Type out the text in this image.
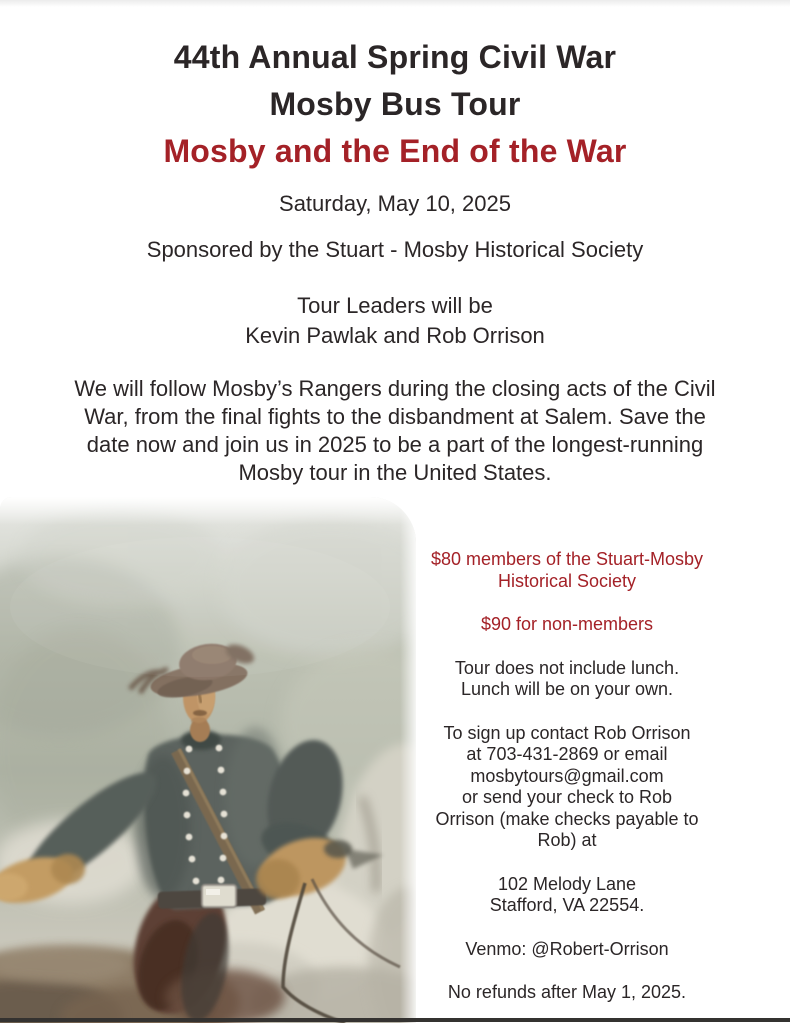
44th Annual Spring Civil War
Mosby Bus Tour
Mosby and the End of the War

Saturday, May 10, 2025

Sponsored by the Stuart - Mosby Historical Society

Tour Leaders will be
Kevin Pawlak and Rob Orrison
We will follow Mosby’s Rangers during the closing acts of the Civil
War, from the final fights to the disbandment at Salem. Save the
date now and join us in 2025 to be a part of the longest-running
Mosby tour in the United States.

$80 members of the Stuart-Mosby
Historical Society

$90 for non-members

Tour does not include lunch.
Lunch will be on your own.

To sign up contact Rob Orrison
at 703-431-2869 or email
mosbytours@gmail.com
or send your check to Rob
Orrison (make checks payable to
Rob) at

102 Melody Lane
Stafford, VA 22554.

Venmo: @Robert-Orrison

No refunds after May 1, 2025.
